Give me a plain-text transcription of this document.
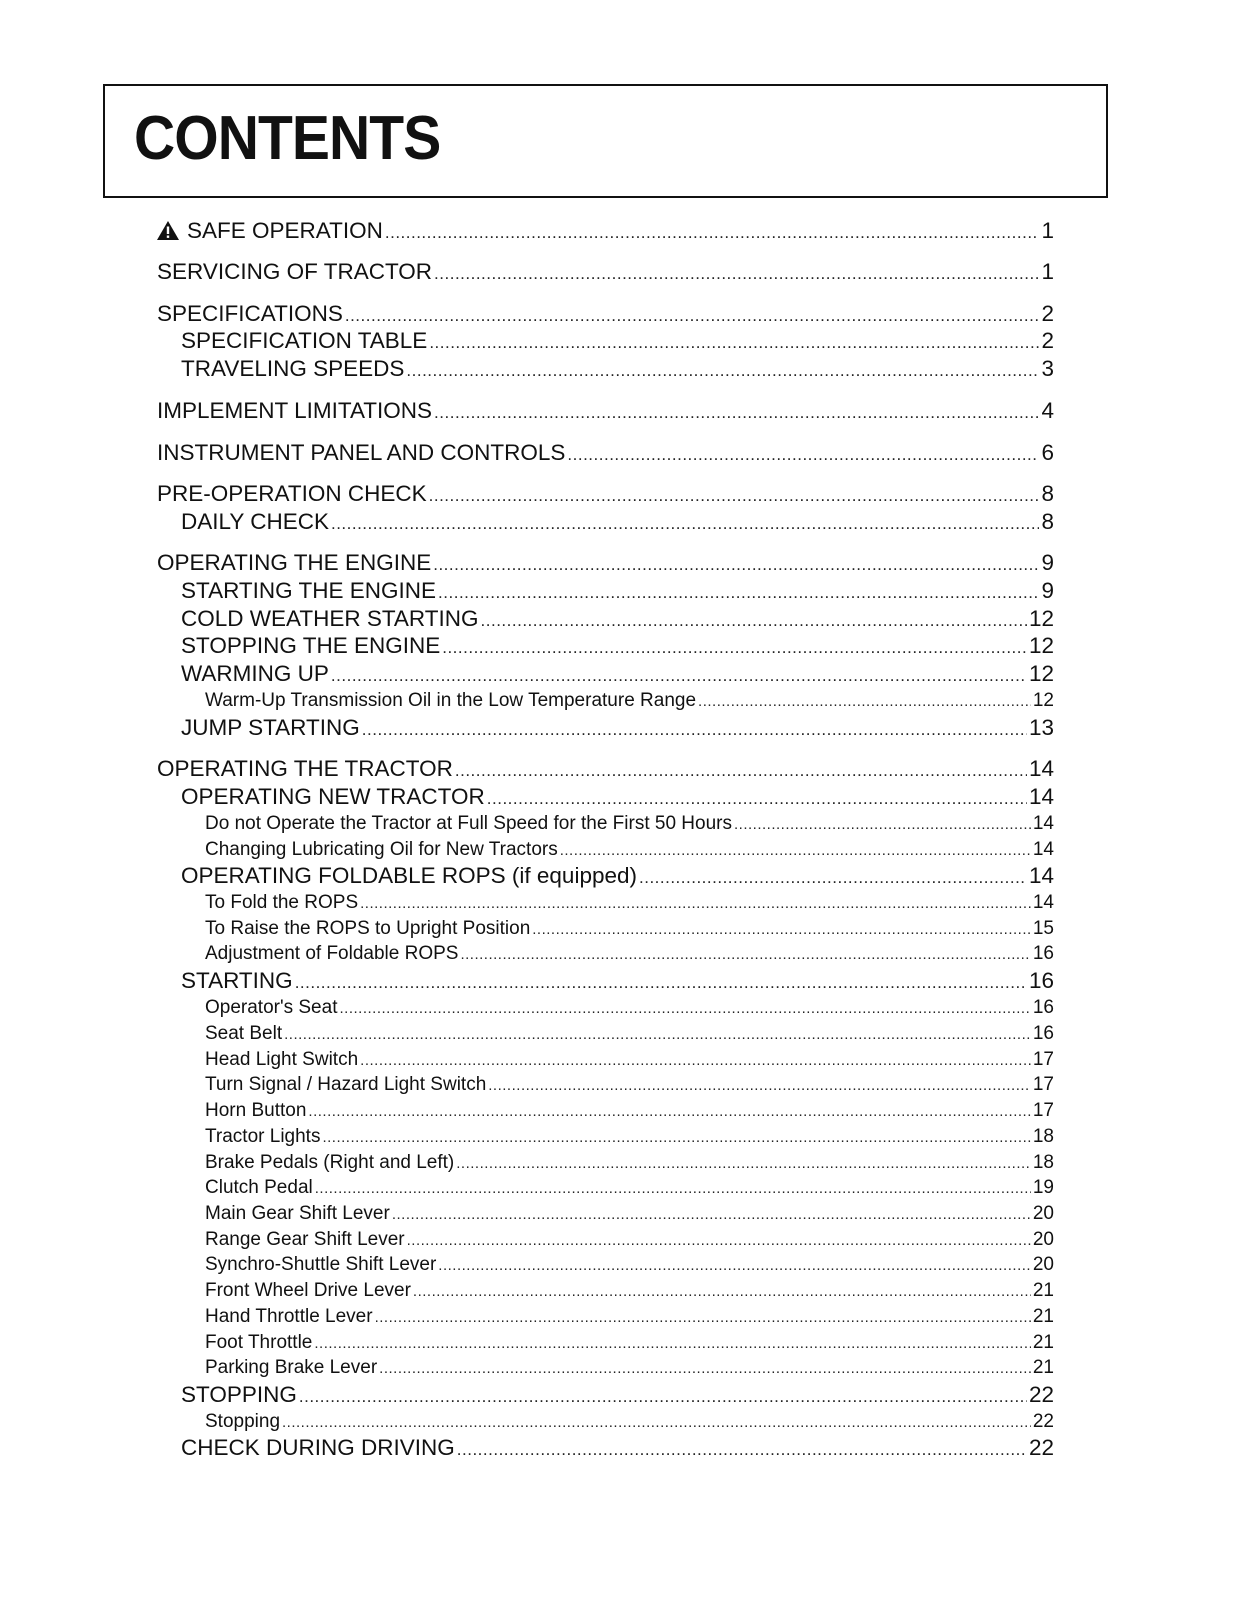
CONTENTS
SAFE OPERATION .....	1
SERVICING OF TRACTOR .....	1
SPECIFICATIONS .....	2
SPECIFICATION TABLE .....	2
TRAVELING SPEEDS .....	3
IMPLEMENT LIMITATIONS .....	4
INSTRUMENT PANEL AND CONTROLS .....	6
PRE-OPERATION CHECK .....	8
DAILY CHECK .....	8
OPERATING THE ENGINE .....	9
STARTING THE ENGINE .....	9
COLD WEATHER STARTING .....	12
STOPPING THE ENGINE .....	12
WARMING UP .....	12
Warm-Up Transmission Oil in the Low Temperature Range .....	12
JUMP STARTING .....	13
OPERATING THE TRACTOR .....	14
OPERATING NEW TRACTOR .....	14
Do not Operate the Tractor at Full Speed for the First 50 Hours .....	14
Changing Lubricating Oil for New Tractors .....	14
OPERATING FOLDABLE ROPS (if equipped) .....	14
To Fold the ROPS .....	14
To Raise the ROPS to Upright Position .....	15
Adjustment of Foldable ROPS .....	16
STARTING .....	16
Operator's Seat .....	16
Seat Belt .....	16
Head Light Switch .....	17
Turn Signal / Hazard Light Switch .....	17
Horn Button .....	17
Tractor Lights .....	18
Brake Pedals (Right and Left) .....	18
Clutch Pedal .....	19
Main Gear Shift Lever .....	20
Range Gear Shift Lever .....	20
Synchro-Shuttle Shift Lever .....	20
Front Wheel Drive Lever .....	21
Hand Throttle Lever .....	21
Foot Throttle .....	21
Parking Brake Lever .....	21
STOPPING .....	22
Stopping .....	22
CHECK DURING DRIVING .....	22
